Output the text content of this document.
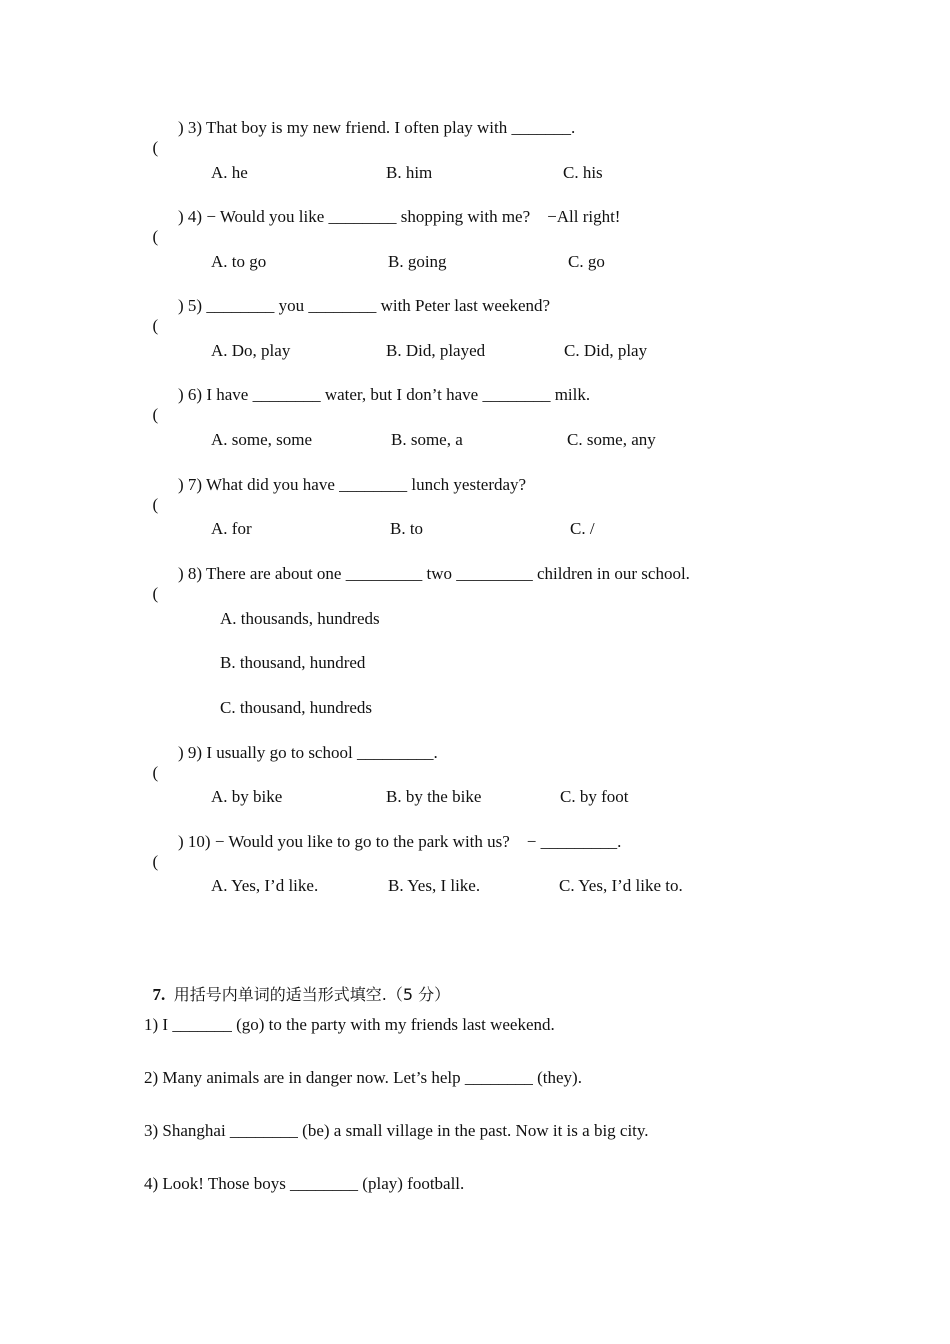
(

) 3) That boy is my new friend. I often play with _______.
A. he	B. him	C. his

(

) 4) − Would you like ________ shopping with me?    −All right!
A. to go	B. going	C. go

(

) 5) ________ you ________ with Peter last weekend?
A. Do, play	B. Did, played	C. Did, play

(

) 6) I have ________ water, but I don’t have ________ milk.
A. some, some	B. some, a	C. some, any

(

) 7) What did you have ________ lunch yesterday?
A. for	B. to	C. /

(

) 8) There are about one _________ two _________ children in our school.
A. thousands, hundreds
B. thousand, hundred
C. thousand, hundreds

(

) 9) I usually go to school _________.
A. by bike	B. by the bike	C. by foot

(

) 10) − Would you like to go to the park with us?    − _________.
A. Yes, I’d like.	B. Yes, I like.	C. Yes, I’d like to.

7. 用括号内单词的适当形式填空.（5 分）

1) I _______ (go) to the party with my friends last weekend.
2) Many animals are in danger now. Let’s help ________ (they).
3) Shanghai ________ (be) a small village in the past. Now it is a big city.
4) Look! Those boys ________ (play) football.
